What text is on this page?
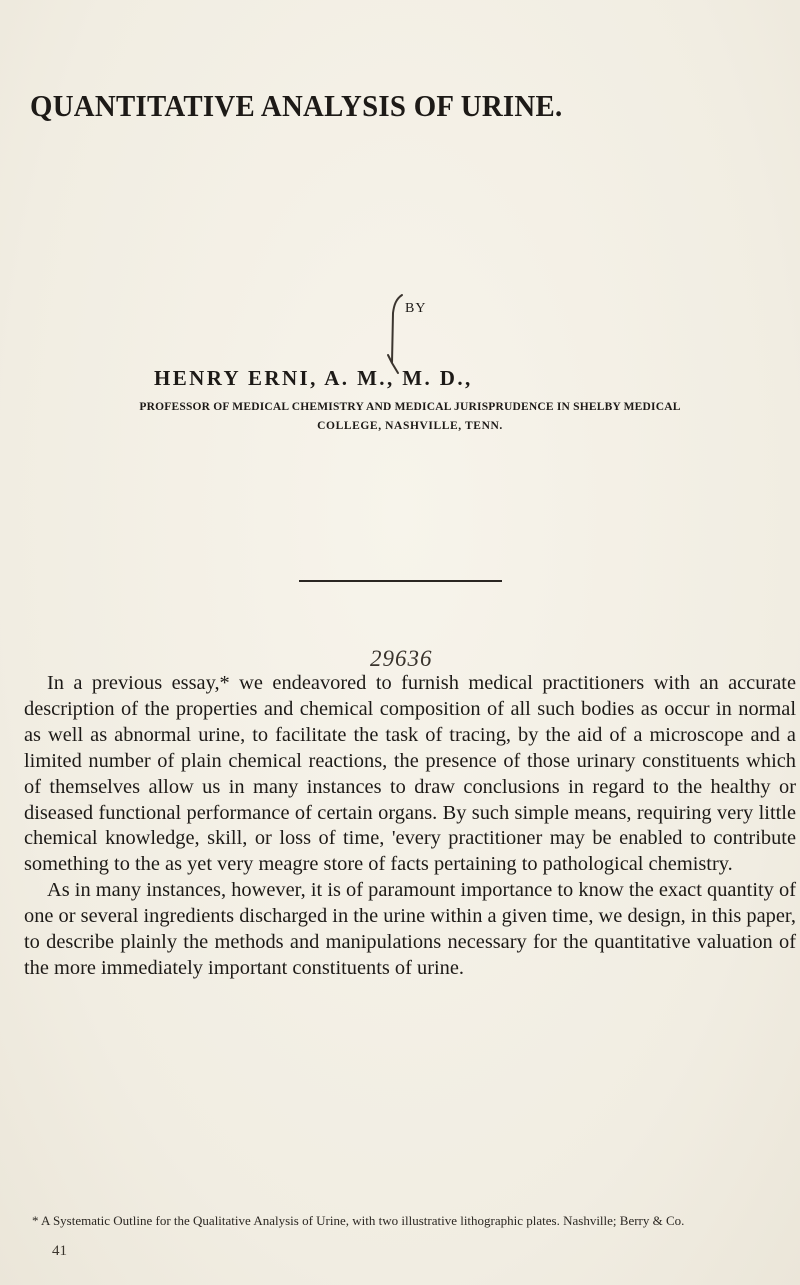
QUANTITATIVE ANALYSIS OF URINE.
BY
HENRY ERNI, A. M., M. D.,
PROFESSOR OF MEDICAL CHEMISTRY AND MEDICAL JURISPRUDENCE IN SHELBY MEDICAL
COLLEGE, NASHVILLE, TENN.
29636

In a previous essay,* we endeavored to furnish medical practitioners with an accurate description of the properties and chemical composition of all such bodies as occur in normal as well as abnormal urine, to facilitate the task of tracing, by the aid of a microscope and a limited number of plain chemical reactions, the presence of those urinary constituents which of themselves allow us in many instances to draw conclusions in regard to the healthy or diseased functional performance of certain organs. By such simple means, requiring very little chemical knowledge, skill, or loss of time, 'every practitioner may be enabled to contribute something to the as yet very meagre store of facts pertaining to pathological chemistry.

As in many instances, however, it is of paramount importance to know the exact quantity of one or several ingredients discharged in the urine within a given time, we design, in this paper, to describe plainly the methods and manipulations necessary for the quantitative valuation of the more immediately important constituents of urine.

* A Systematic Outline for the Qualitative Analysis of Urine, with two illustrative lithographic plates. Nashville; Berry & Co.
41
